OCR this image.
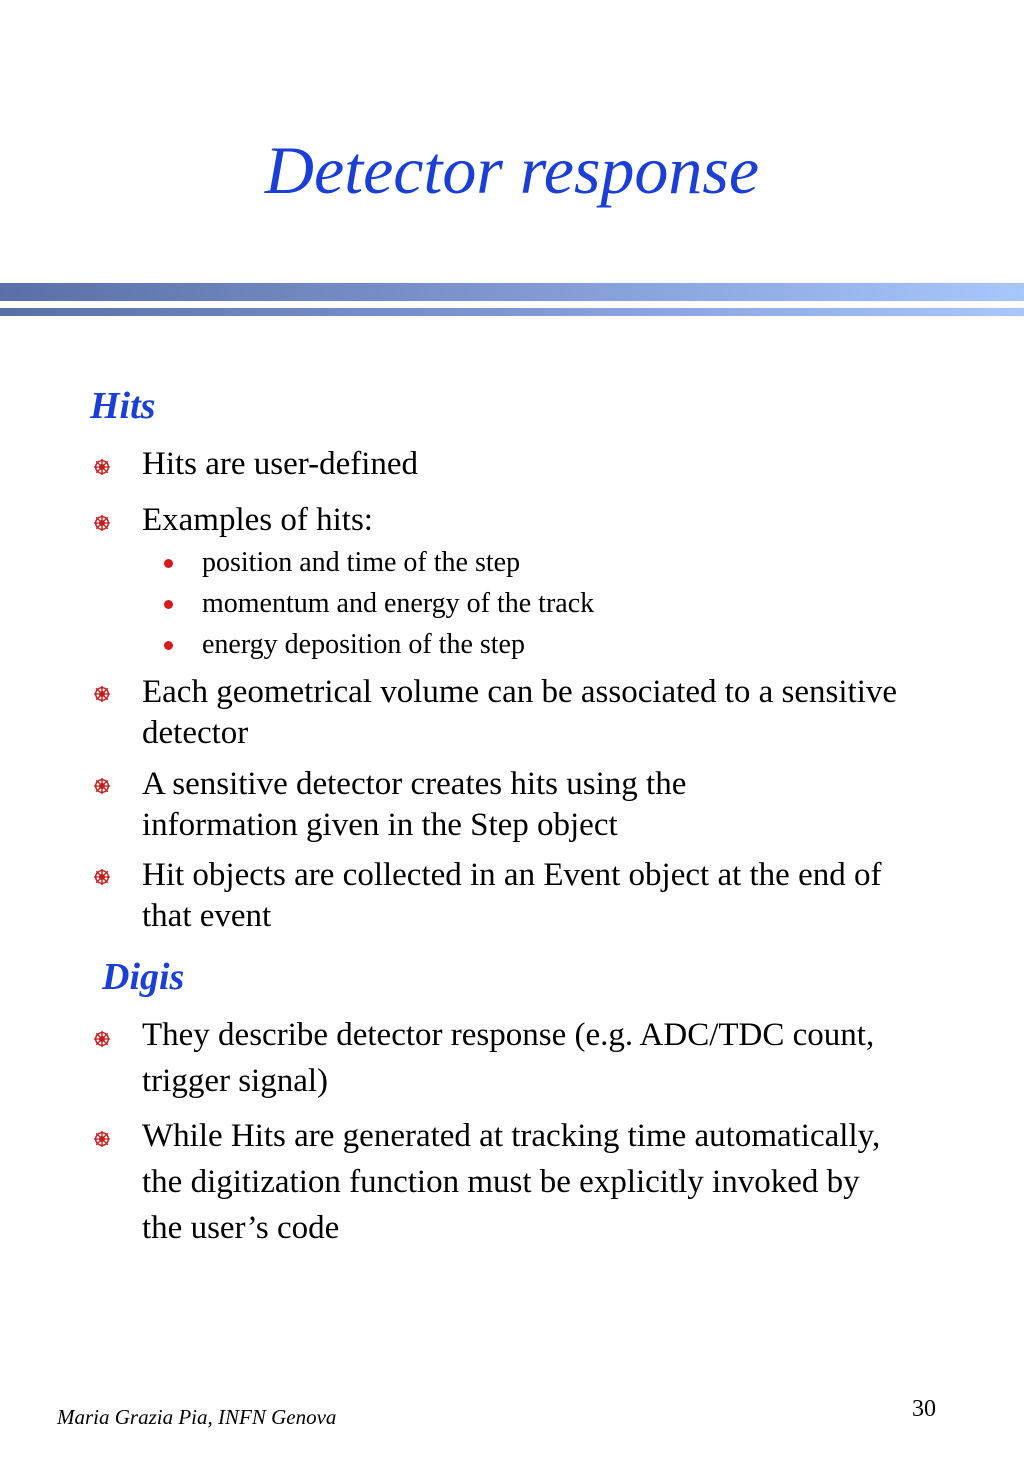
Detector response
Hits
Hits are user-defined
Examples of hits:
position and time of the step
momentum and energy of the track
energy deposition of the step
Each geometrical volume can be associated to a sensitive detector
A sensitive detector creates hits using the information given in the Step object
Hit objects are collected in an Event object at the end of that event
Digis
They describe detector response (e.g. ADC/TDC count, trigger signal)
While Hits are generated at tracking time automatically, the digitization function must be explicitly invoked by the user’s code
Maria Grazia Pia, INFN Genova	30
